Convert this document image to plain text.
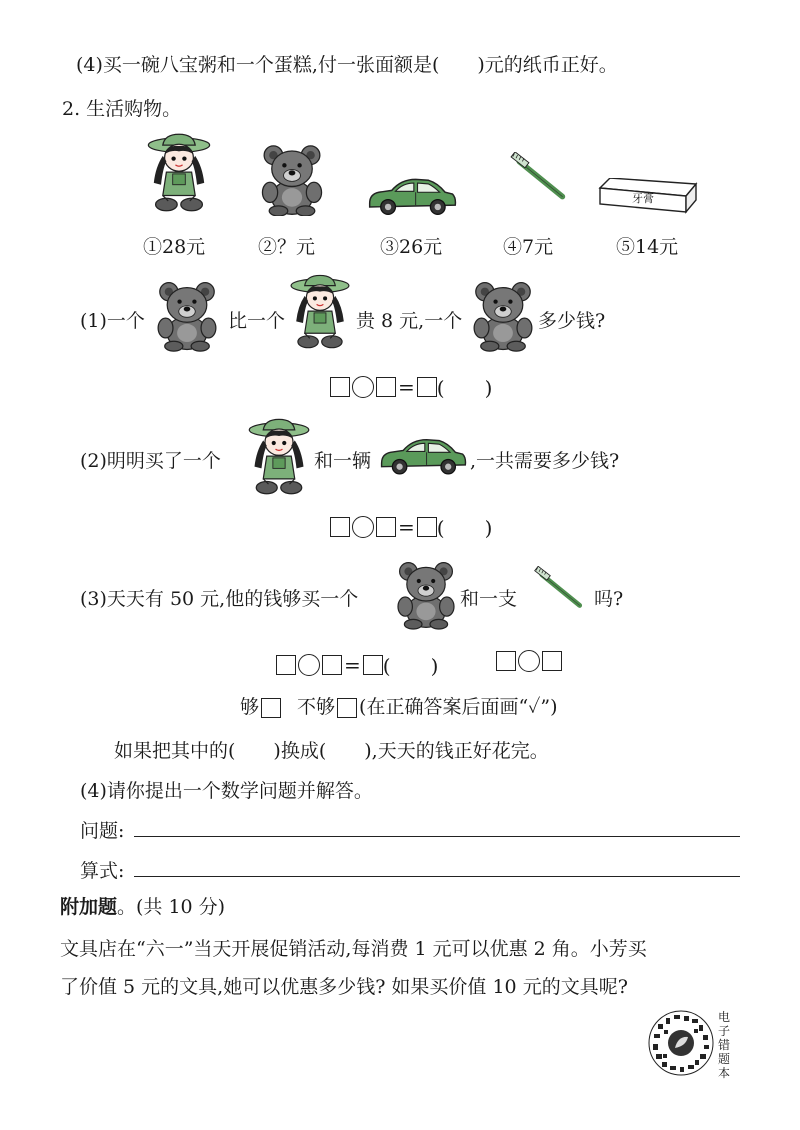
(4)买一碗八宝粥和一个蛋糕,付一张面额是(　　)元的纸币正好。
2. 生活购物。
牙膏
①28元	②？元	③26元	④7元	⑤14元
(1)一个	比一个	贵 8 元,一个	多少钱?
= (　　)
(2)明明买了一个	和一辆	,一共需要多少钱?
= (　　)
(3)天天有 50 元,他的钱够买一个	和一支	吗?
= (　　)
够 不够 (在正确答案后面画“✓”)
如果把其中的(　　)换成(　　),天天的钱正好花完。
(4)请你提出一个数学问题并解答。
问题:
算式:
附加题。(共 10 分)
文具店在“六一”当天开展促销活动,每消费 1 元可以优惠 2 角。小芳买
了价值 5 元的文具,她可以优惠多少钱? 如果买价值 10 元的文具呢?
电子错题本
